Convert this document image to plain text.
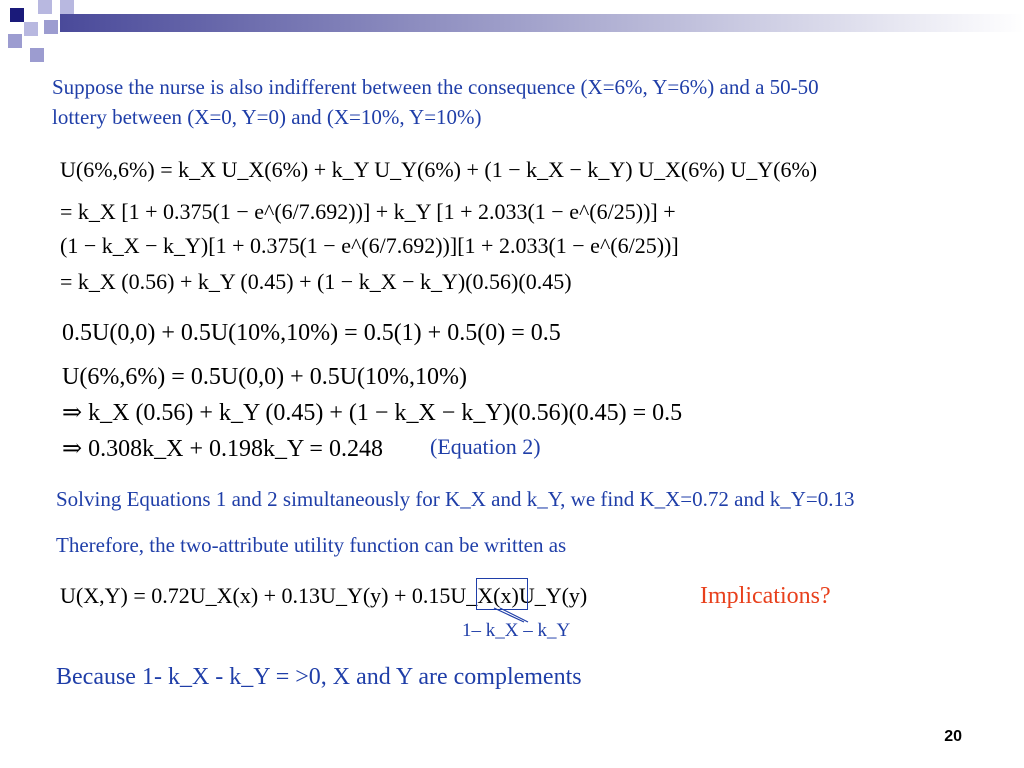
Suppose the nurse is also indifferent between the consequence (X=6%, Y=6%) and a 50-50
lottery between (X=0, Y=0) and (X=10%, Y=10%)
U(6%,6%) = k_X U_X(6%) + k_Y U_Y(6%) + (1 − k_X − k_Y) U_X(6%) U_Y(6%)
= k_X [1 + 0.375(1 − e^(6/7.692))] + k_Y [1 + 2.033(1 − e^(6/25))] +
(1 − k_X − k_Y)[1 + 0.375(1 − e^(6/7.692))][1 + 2.033(1 − e^(6/25))]
= k_X (0.56) + k_Y (0.45) + (1 − k_X − k_Y)(0.56)(0.45)
0.5U(0,0) + 0.5U(10%,10%) = 0.5(1) + 0.5(0) = 0.5
U(6%,6%) = 0.5U(0,0) + 0.5U(10%,10%)
⇒ k_X (0.56) + k_Y (0.45) + (1 − k_X − k_Y)(0.56)(0.45) = 0.5
⇒ 0.308k_X + 0.198k_Y = 0.248 (Equation 2)
Solving Equations 1 and 2 simultaneously for K_X and k_Y, we find K_X=0.72 and k_Y=0.13
Therefore, the two-attribute utility function can be written as
U(X,Y) = 0.72U_X(x) + 0.13U_Y(y) + 0.15U_X(x)U_Y(y)
1– k_X – k_Y
Implications?
Because 1- k_X - k_Y = >0, X and Y are complements
20
